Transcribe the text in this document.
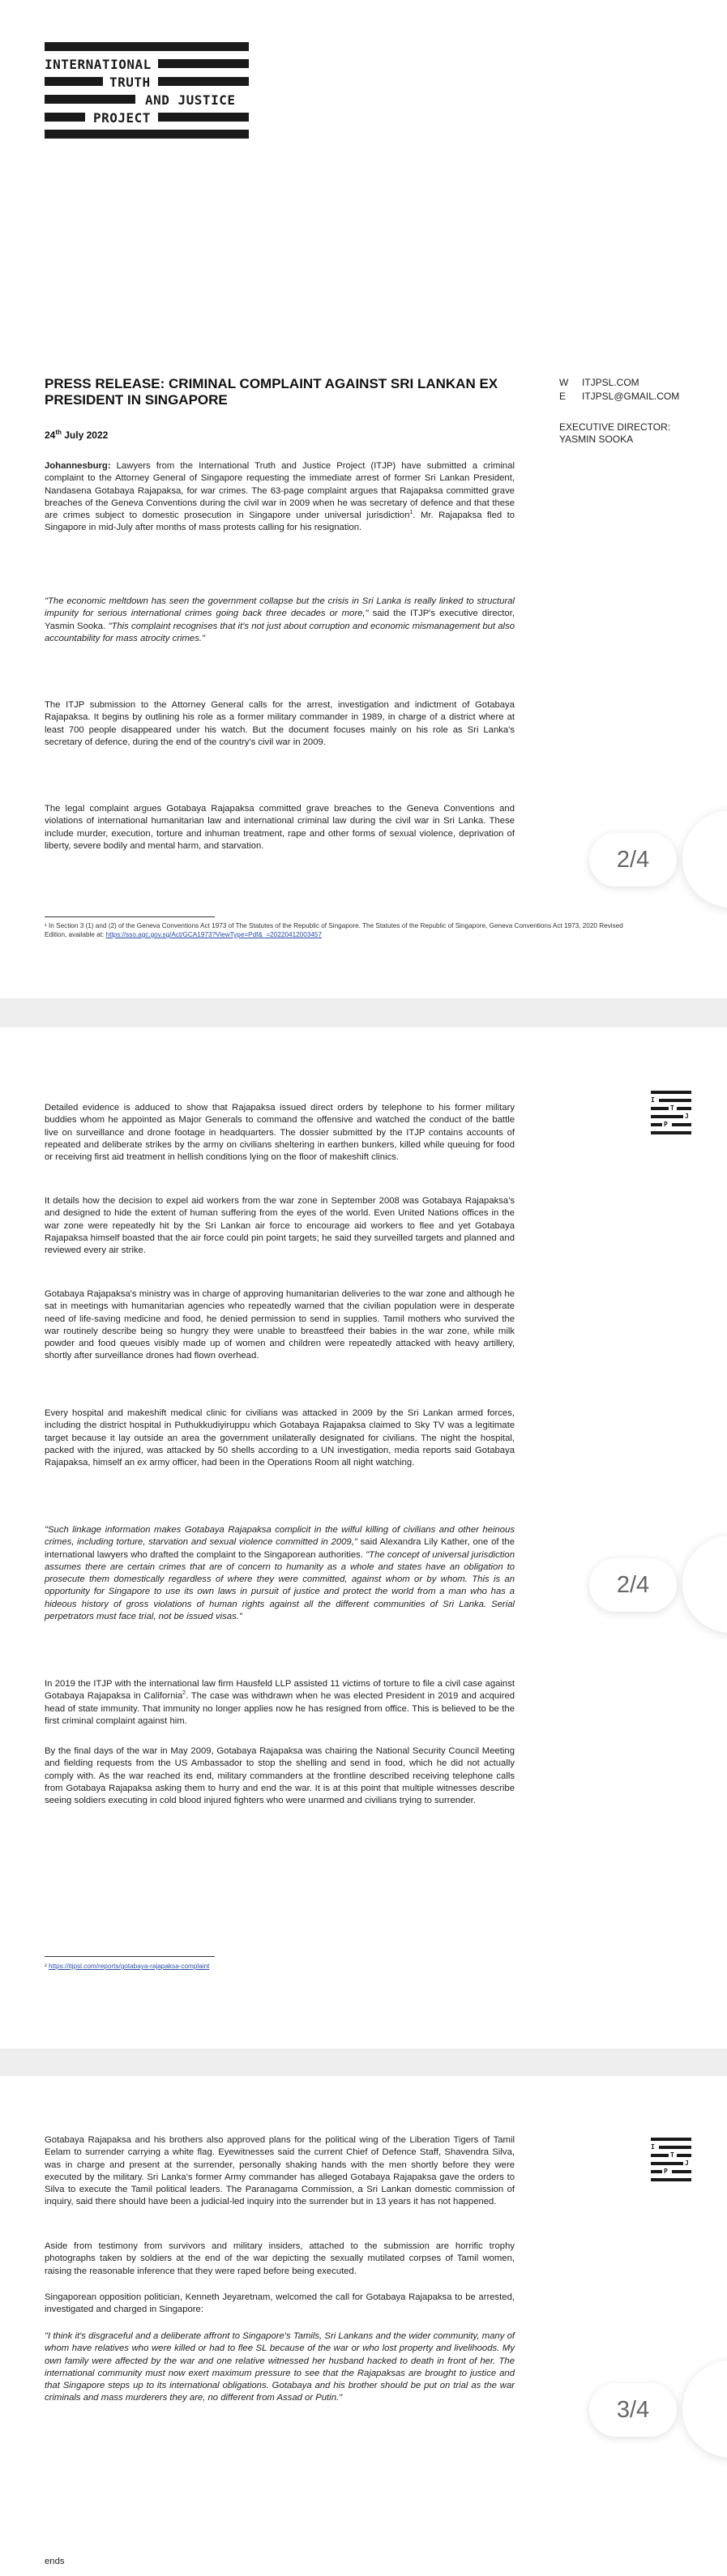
INTERNATIONAL
TRUTH
AND JUSTICE
PROJECT
PRESS RELEASE: CRIMINAL COMPLAINT AGAINST SRI LANKAN EX PRESIDENT IN SINGAPORE
24th July 2022
W ITJPSL.COM
E ITJPSL@GMAIL.COM
EXECUTIVE DIRECTOR:
YASMIN SOOKA

Johannesburg: Lawyers from the International Truth and Justice Project (ITJP) have submitted a criminal complaint to the Attorney General of Singapore requesting the immediate arrest of former Sri Lankan President, Nandasena Gotabaya Rajapaksa, for war crimes. The 63-page complaint argues that Rajapaksa committed grave breaches of the Geneva Conventions during the civil war in 2009 when he was secretary of defence and that these are crimes subject to domestic prosecution in Singapore under universal jurisdiction$^1$. Mr. Rajapaksa fled to Singapore in mid-July after months of mass protests calling for his resignation.

"The economic meltdown has seen the government collapse but the crisis in Sri Lanka is really linked to structural impunity for serious international crimes going back three decades or more," said the ITJP's executive director, Yasmin Sooka. "This complaint recognises that it's not just about corruption and economic mismanagement but also accountability for mass atrocity crimes."

The ITJP submission to the Attorney General calls for the arrest, investigation and indictment of Gotabaya Rajapaksa. It begins by outlining his role as a former military commander in 1989, in charge of a district where at least 700 people disappeared under his watch. But the document focuses mainly on his role as Sri Lanka's secretary of defence, during the end of the country's civil war in 2009.

The legal complaint argues Gotabaya Rajapaksa committed grave breaches to the Geneva Conventions and violations of international humanitarian law and international criminal law during the civil war in Sri Lanka. These include murder, execution, torture and inhuman treatment, rape and other forms of sexual violence, deprivation of liberty, severe bodily and mental harm, and starvation.

¹ In Section 3 (1) and (2) of the Geneva Conventions Act 1973 of The Statutes of the Republic of Singapore. The Statutes of the Republic of Singapore, Geneva Conventions Act 1973, 2020 Revised Edition, available at: https://sso.agc.gov.sg/Act/GCA1973?ViewType=Pdf&_=20220412003457

2/4
I
T
J
P

Detailed evidence is adduced to show that Rajapaksa issued direct orders by telephone to his former military buddies whom he appointed as Major Generals to command the offensive and watched the conduct of the battle live on surveillance and drone footage in headquarters. The dossier submitted by the ITJP contains accounts of repeated and deliberate strikes by the army on civilians sheltering in earthen bunkers, killed while queuing for food or receiving first aid treatment in hellish conditions lying on the floor of makeshift clinics.

It details how the decision to expel aid workers from the war zone in September 2008 was Gotabaya Rajapaksa's and designed to hide the extent of human suffering from the eyes of the world. Even United Nations offices in the war zone were repeatedly hit by the Sri Lankan air force to encourage aid workers to flee and yet Gotabaya Rajapaksa himself boasted that the air force could pin point targets; he said they surveilled targets and planned and reviewed every air strike.

Gotabaya Rajapaksa's ministry was in charge of approving humanitarian deliveries to the war zone and although he sat in meetings with humanitarian agencies who repeatedly warned that the civilian population were in desperate need of life-saving medicine and food, he denied permission to send in supplies. Tamil mothers who survived the war routinely describe being so hungry they were unable to breastfeed their babies in the war zone, while milk powder and food queues visibly made up of women and children were repeatedly attacked with heavy artillery, shortly after surveillance drones had flown overhead.

Every hospital and makeshift medical clinic for civilians was attacked in 2009 by the Sri Lankan armed forces, including the district hospital in Puthukkudiyiruppu which Gotabaya Rajapaksa claimed to Sky TV was a legitimate target because it lay outside an area the government unilaterally designated for civilians. The night the hospital, packed with the injured, was attacked by 50 shells according to a UN investigation, media reports said Gotabaya Rajapaksa, himself an ex army officer, had been in the Operations Room all night watching.

"Such linkage information makes Gotabaya Rajapaksa complicit in the wilful killing of civilians and other heinous crimes, including torture, starvation and sexual violence committed in 2009," said Alexandra Lily Kather, one of the international lawyers who drafted the complaint to the Singaporean authorities. "The concept of universal jurisdiction assumes there are certain crimes that are of concern to humanity as a whole and states have an obligation to prosecute them domestically regardless of where they were committed, against whom or by whom. This is an opportunity for Singapore to use its own laws in pursuit of justice and protect the world from a man who has a hideous history of gross violations of human rights against all the different communities of Sri Lanka. Serial perpetrators must face trial, not be issued visas."

In 2019 the ITJP with the international law firm Hausfeld LLP assisted 11 victims of torture to file a civil case against Gotabaya Rajapaksa in California$^2$. The case was withdrawn when he was elected President in 2019 and acquired head of state immunity. That immunity no longer applies now he has resigned from office. This is believed to be the first criminal complaint against him.

By the final days of the war in May 2009, Gotabaya Rajapaksa was chairing the National Security Council Meeting and fielding requests from the US Ambassador to stop the shelling and send in food, which he did not actually comply with. As the war reached its end, military commanders at the frontline described receiving telephone calls from Gotabaya Rajapaksa asking them to hurry and end the war. It is at this point that multiple witnesses describe seeing soldiers executing in cold blood injured fighters who were unarmed and civilians trying to surrender.

² https://itjpsl.com/reports/gotabaya-rajapaksa-complaint

2/4
I
T
J
P

Gotabaya Rajapaksa and his brothers also approved plans for the political wing of the Liberation Tigers of Tamil Eelam to surrender carrying a white flag. Eyewitnesses said the current Chief of Defence Staff, Shavendra Silva, was in charge and present at the surrender, personally shaking hands with the men shortly before they were executed by the military. Sri Lanka's former Army commander has alleged Gotabaya Rajapaksa gave the orders to Silva to execute the Tamil political leaders. The Paranagama Commission, a Sri Lankan domestic commission of inquiry, said there should have been a judicial-led inquiry into the surrender but in 13 years it has not happened.

Aside from testimony from survivors and military insiders, attached to the submission are horrific trophy photographs taken by soldiers at the end of the war depicting the sexually mutilated corpses of Tamil women, raising the reasonable inference that they were raped before being executed.

Singaporean opposition politician, Kenneth Jeyaretnam, welcomed the call for Gotabaya Rajapaksa to be arrested, investigated and charged in Singapore:

"I think it's disgraceful and a deliberate affront to Singapore's Tamils, Sri Lankans and the wider community, many of whom have relatives who were killed or had to flee SL because of the war or who lost property and livelihoods. My own family were affected by the war and one relative witnessed her husband hacked to death in front of her. The international community must now exert maximum pressure to see that the Rajapaksas are brought to justice and that Singapore steps up to its international obligations. Gotabaya and his brother should be put on trial as the war criminals and mass murderers they are, no different from Assad or Putin."

ends
3/4
